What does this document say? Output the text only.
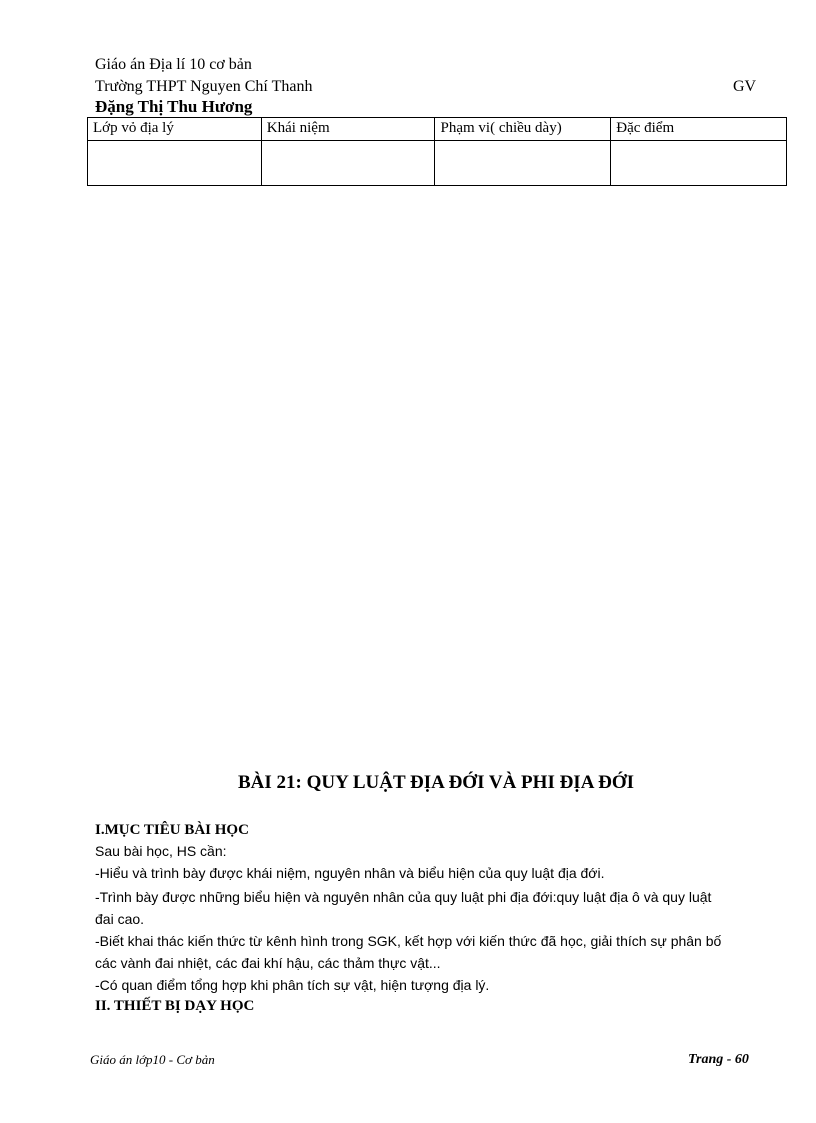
Giáo án Địa lí 10 cơ bản
Trường THPT Nguyen Chí Thanh	GV
Đặng Thị Thu Hương
Lớp vỏ địa lý	Khái niệm	Phạm vi( chiều dày)	Đặc điểm

BÀI 21: QUY LUẬT ĐỊA ĐỚI VÀ PHI ĐỊA ĐỚI
I.MỤC TIÊU BÀI HỌC
Sau bài học, HS cần:
-Hiểu và trình bày được khái niệm, nguyên nhân và biểu hiện của quy luật địa đới.
-Trình bày được những biểu hiện và nguyên nhân của quy luật phi địa đới:quy luật địa ô và quy luật
đai cao.
-Biết khai thác kiến thức từ kênh hình trong SGK, kết hợp với kiến thức đã học, giải thích sự phân bố
các vành đai nhiệt, các đai khí hậu, các thảm thực vật...
-Có quan điểm tổng hợp khi phân tích sự vật, hiện tượng địa lý.
II. THIẾT BỊ DẠY HỌC
Giáo án lớp10 - Cơ bản	Trang - 60
